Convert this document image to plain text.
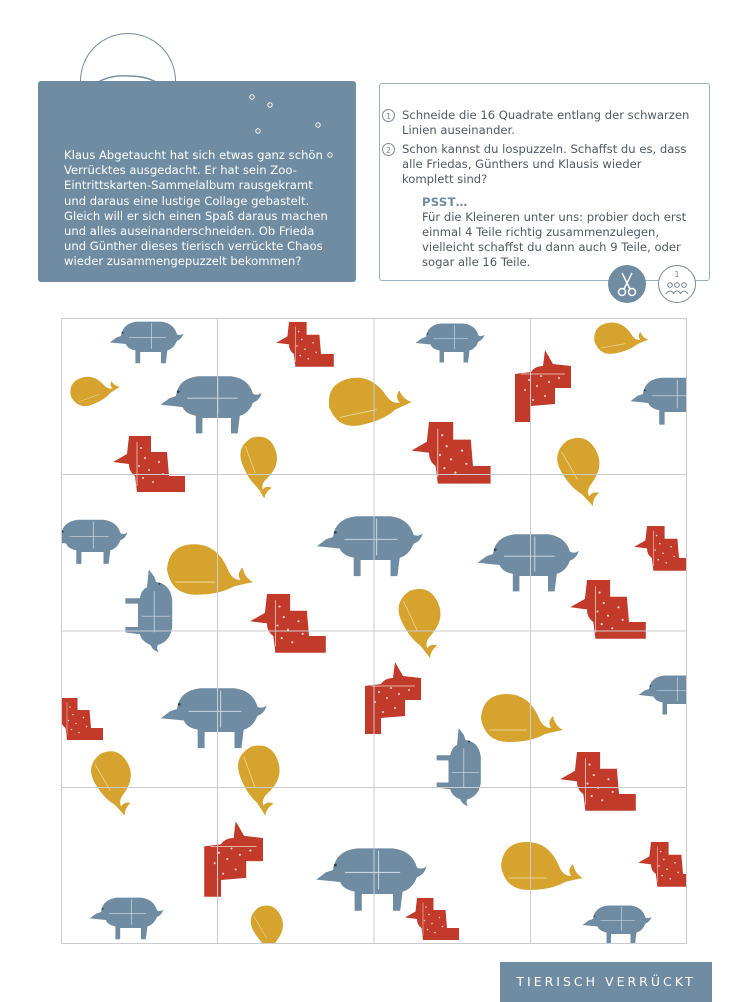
Klaus Abgetaucht hat sich etwas ganz schön Verrücktes ausgedacht. Er hat sein Zoo-Eintrittskarten-Sammelalbum rausgekramt und daraus eine lustige Collage gebastelt. Gleich will er sich einen Spaß daraus machen und alles auseinanderschneiden. Ob Frieda und Günther dieses tierisch verrückte Chaos wieder zusammengepuzzelt bekommen?

1 Schneide die 16 Quadrate entlang der schwarzen Linien auseinander.
2 Schon kannst du lospuzzeln. Schaffst du es, dass alle Friedas, Günthers und Klausis wieder komplett sind?
PSST…

Für die Kleineren unter uns: probier doch erst einmal 4 Teile richtig zusammenzulegen, vielleicht schaffst du dann auch 9 Teile, oder sogar alle 16 Teile.

1
TIERISCH VERRÜCKT
